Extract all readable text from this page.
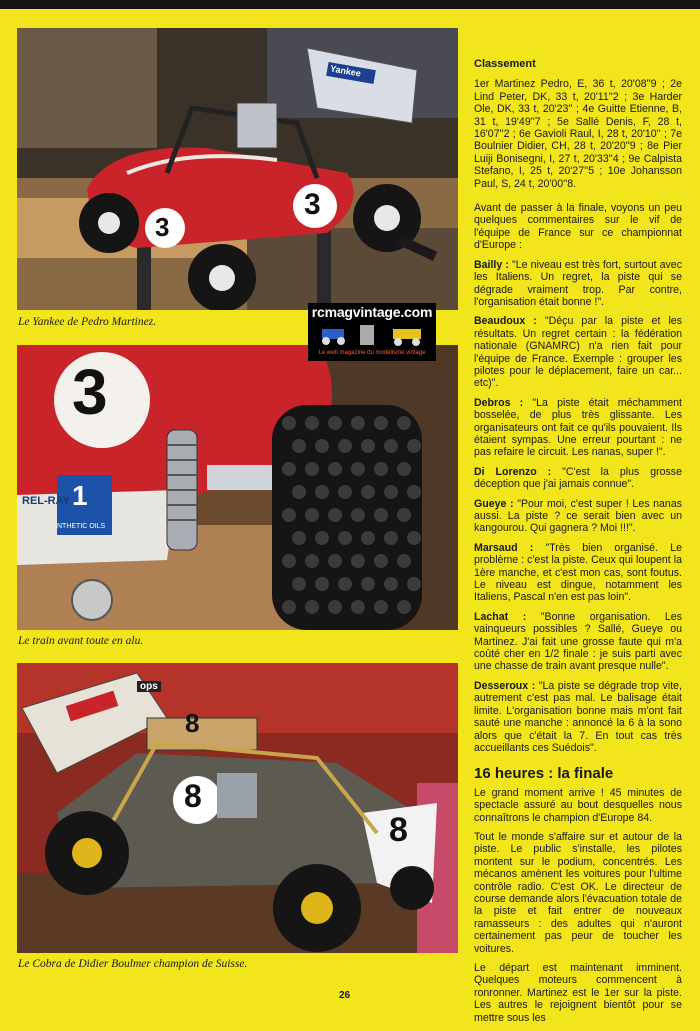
3
3
Yankee
Le Yankee de Pedro Martinez.
3
REL-RAY 1
NTHETIC OILS
Le train avant toute en alu.
8
8
8
ops
Le Cobra de Didier Boulmer champion de Suisse.
rcmagvintage.com
Le web magazine du modélisme vintage
Classement

1er Martinez Pedro, E, 36 t, 20'08''9 ; 2e Lind Peter, DK, 33 t, 20'11''2 ; 3e Harder Ole, DK, 33 t, 20'23'' ; 4e Guitte Etienne, B, 31 t, 19'49''7 ; 5e Sallé Denis, F, 28 t, 16'07''2 ; 6e Gavioli Raul, I, 28 t, 20'10'' ; 7e Boulnier Didier, CH, 28 t, 20'20''9 ; 8e Pier Luiji Bonisegni, I, 27 t, 20'33''4 ; 9e Calpista Stefano, I, 25 t, 20'27''5 ; 10e Johansson Paul, S, 24 t, 20'00''8.

Avant de passer à la finale, voyons un peu quelques commentaires sur le vif de l'équipe de France sur ce championnat d'Europe :

Bailly : "Le niveau est très fort, surtout avec les Italiens. Un regret, la piste qui se dégrade vraiment trop. Par contre, l'organisation était bonne !".

Beaudoux : "Déçu par la piste et les résultats. Un regret certain : la fédération nationale (GNAMRC) n'a rien fait pour l'équipe de France. Exemple : grouper les pilotes pour le déplacement, faire un car... etc)".

Debros : "La piste était méchamment bosselée, de plus très glissante. Les organisateurs ont fait ce qu'ils pouvaient. Ils étaient sympas. Une erreur pourtant : ne pas refaire le circuit. Les nanas, super !".

Di Lorenzo : "C'est la plus grosse déception que j'ai jamais connue".

Gueye : "Pour moi, c'est super ! Les nanas aussi. La piste ? ce serait bien avec un kangourou. Qui gagnera ? Moi !!!".

Marsaud : "Très bien organisé. Le problème : c'est la piste. Ceux qui loupent la 1ère manche, et c'est mon cas, sont foutus. Le niveau est dingue, notamment les Italiens, Pascal n'en est pas loin".

Lachat : "Bonne organisation. Les vainqueurs possibles ? Sallé, Gueye ou Martinez. J'ai fait une grosse faute qui m'a coûté cher en 1/2 finale : je suis parti avec une chasse de train avant presque nulle".

Desseroux : "La piste se dégrade trop vite, autrement c'est pas mal. Le balisage était limite. L'organisation bonne mais m'ont fait sauté une manche : annoncé la 6 à la sono alors que c'était la 7. En tout cas très accueillants ces Suédois".

16 heures : la finale

Le grand moment arrive ! 45 minutes de spectacle assuré au bout desquelles nous connaîtrons le champion d'Europe 84.

Tout le monde s'affaire sur et autour de la piste. Le public s'installe, les pilotes montent sur le podium, concentrés. Les mécanos amènent les voitures pour l'ultime contrôle radio. C'est OK. Le directeur de course demande alors l'évacuation totale de la piste et fait entrer de nouveaux ramasseurs : des adultes qui n'auront certainement pas peur de toucher les voitures.

Le départ est maintenant imminent. Quelques moteurs commencent à ronronner. Martinez est le 1er sur la piste. Les autres le rejoignent bientôt pour se mettre sous les

26
